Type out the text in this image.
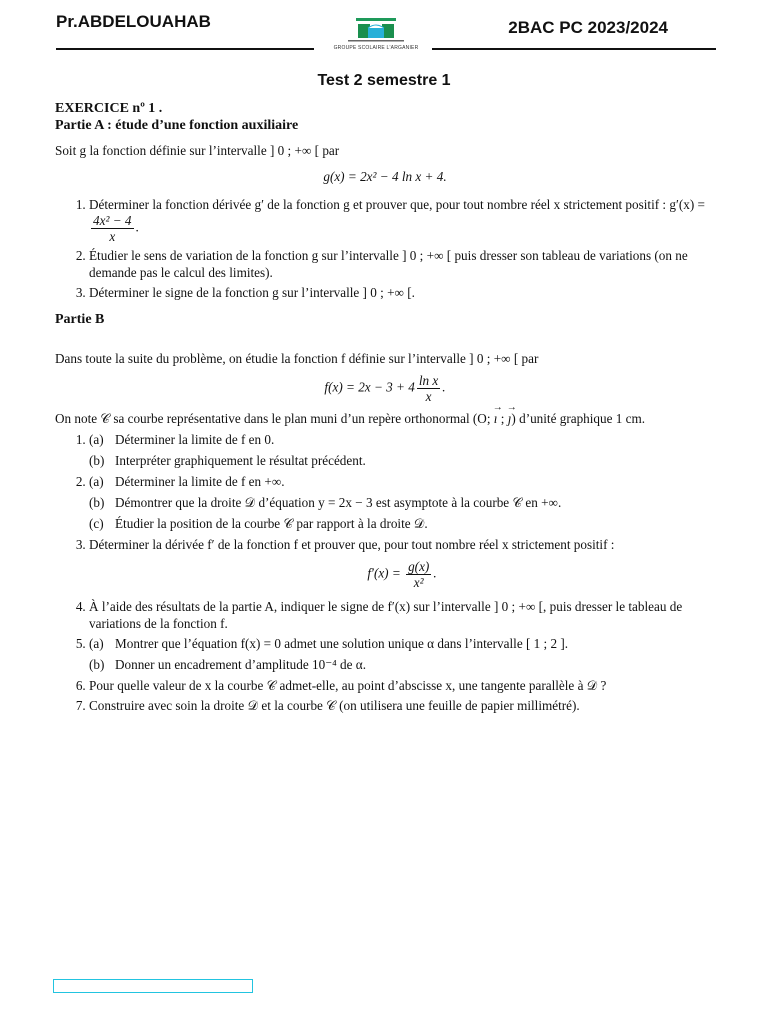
Pr.ABDELOUAHAB
GROUPE SCOLAIRE L'ARGANIER
2BAC PC 2023/2024
Test 2 semestre 1
EXERCICE nº 1 .
Partie A : étude d’une fonction auxiliaire
Soit g la fonction définie sur l’intervalle ] 0 ; +∞ [ par
g(x) = 2x² − 4 ln x + 4.
1. Déterminer la fonction dérivée g′ de la fonction g et prouver que, pour tout nombre réel x strictement positif : g′(x) =
$\frac{\text{4x² − 4}}{x}$ .
2. Étudier le sens de variation de la fonction g sur l’intervalle ] 0 ; +∞ [ puis dresser son tableau de variations (on ne demande pas le calcul des limites).
3. Déterminer le signe de la fonction g sur l’intervalle ] 0 ; +∞ [.
Partie B
Dans toute la suite du problème, on étudie la fonction f définie sur l’intervalle ] 0 ; +∞ [ par
$f(x) = 2x - 3 + 4 \frac{\text{ln x}}{x}$ .
On note 𝒞 sa courbe représentative dans le plan muni d’un repère orthonormal (O; → ı ; → ȷ) d’unité graphique 1 cm.
1. (a) Déterminer la limite de f en 0.
(b) Interpréter graphiquement le résultat précédent.
2. (a) Déterminer la limite de f en +∞.
(b) Démontrer que la droite 𝒟 d’équation y = 2x − 3 est asymptote à la courbe 𝒞 en +∞.
(c) Étudier la position de la courbe 𝒞 par rapport à la droite 𝒟.
3. Déterminer la dérivée f′ de la fonction f et prouver que, pour tout nombre réel x strictement positif :
$f'(x) = \frac{g(x)}{\text{x²}}$ .
4. À l’aide des résultats de la partie A, indiquer le signe de f′(x) sur l’intervalle ] 0 ; +∞ [, puis dresser le tableau de variations de la fonction f.
5. (a) Montrer que l’équation f(x) = 0 admet une solution unique α dans l’intervalle [ 1 ; 2 ].
(b) Donner un encadrement d’amplitude 10⁻⁴ de α.
6. Pour quelle valeur de x la courbe 𝒞 admet-elle, au point d’abscisse x, une tangente parallèle à 𝒟 ?
7. Construire avec soin la droite 𝒟 et la courbe 𝒞 (on utilisera une feuille de papier millimétré).
